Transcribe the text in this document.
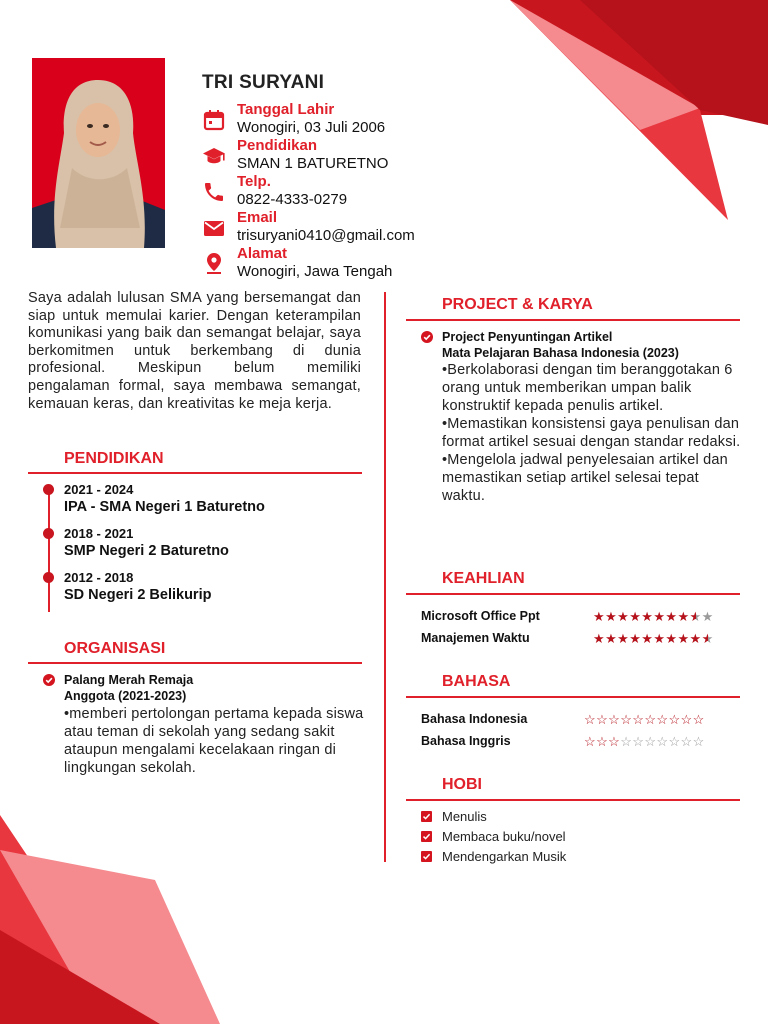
TRI SURYANI
Tanggal Lahir
Wonogiri, 03 Juli 2006
Pendidikan
SMAN 1 BATURETNO
Telp.
0822-4333-0279
Email
trisuryani0410@gmail.com
Alamat
Wonogiri, Jawa Tengah
Saya adalah lulusan SMA yang bersemangat dan siap untuk memulai karier. Dengan keterampilan komunikasi yang baik dan semangat belajar, saya berkomitmen untuk berkembang di dunia profesional. Meskipun belum memiliki pengalaman formal, saya membawa semangat, kemauan keras, dan kreativitas ke meja kerja.
PENDIDIKAN
2021 - 2024
IPA - SMA Negeri 1 Baturetno
2018 - 2021
SMP Negeri 2 Baturetno
2012 - 2018
SD Negeri 2 Belikurip
ORGANISASI
Palang Merah Remaja
Anggota (2021-2023)
•memberi pertolongan pertama kepada siswa atau teman di sekolah yang sedang sakit ataupun mengalami kecelakaan ringan di lingkungan sekolah.
PROJECT & KARYA
Project Penyuntingan Artikel
Mata Pelajaran Bahasa Indonesia (2023)
•Berkolaborasi dengan tim beranggotakan 6 orang untuk memberikan umpan balik konstruktif kepada penulis artikel. •Memastikan konsistensi gaya penulisan dan format artikel sesuai dengan standar redaksi. •Mengelola jadwal penyelesaian artikel dan memastikan setiap artikel selesai tepat waktu.
KEAHLIAN
Microsoft Office Ppt	★★★★★★★★★★
Manajemen Waktu	★★★★★★★★★★
BAHASA
Bahasa Indonesia	☆☆☆☆☆☆☆☆☆☆
Bahasa Inggris	☆☆☆☆☆☆☆☆☆☆
HOBI
Menulis
Membaca buku/novel
Mendengarkan Musik
